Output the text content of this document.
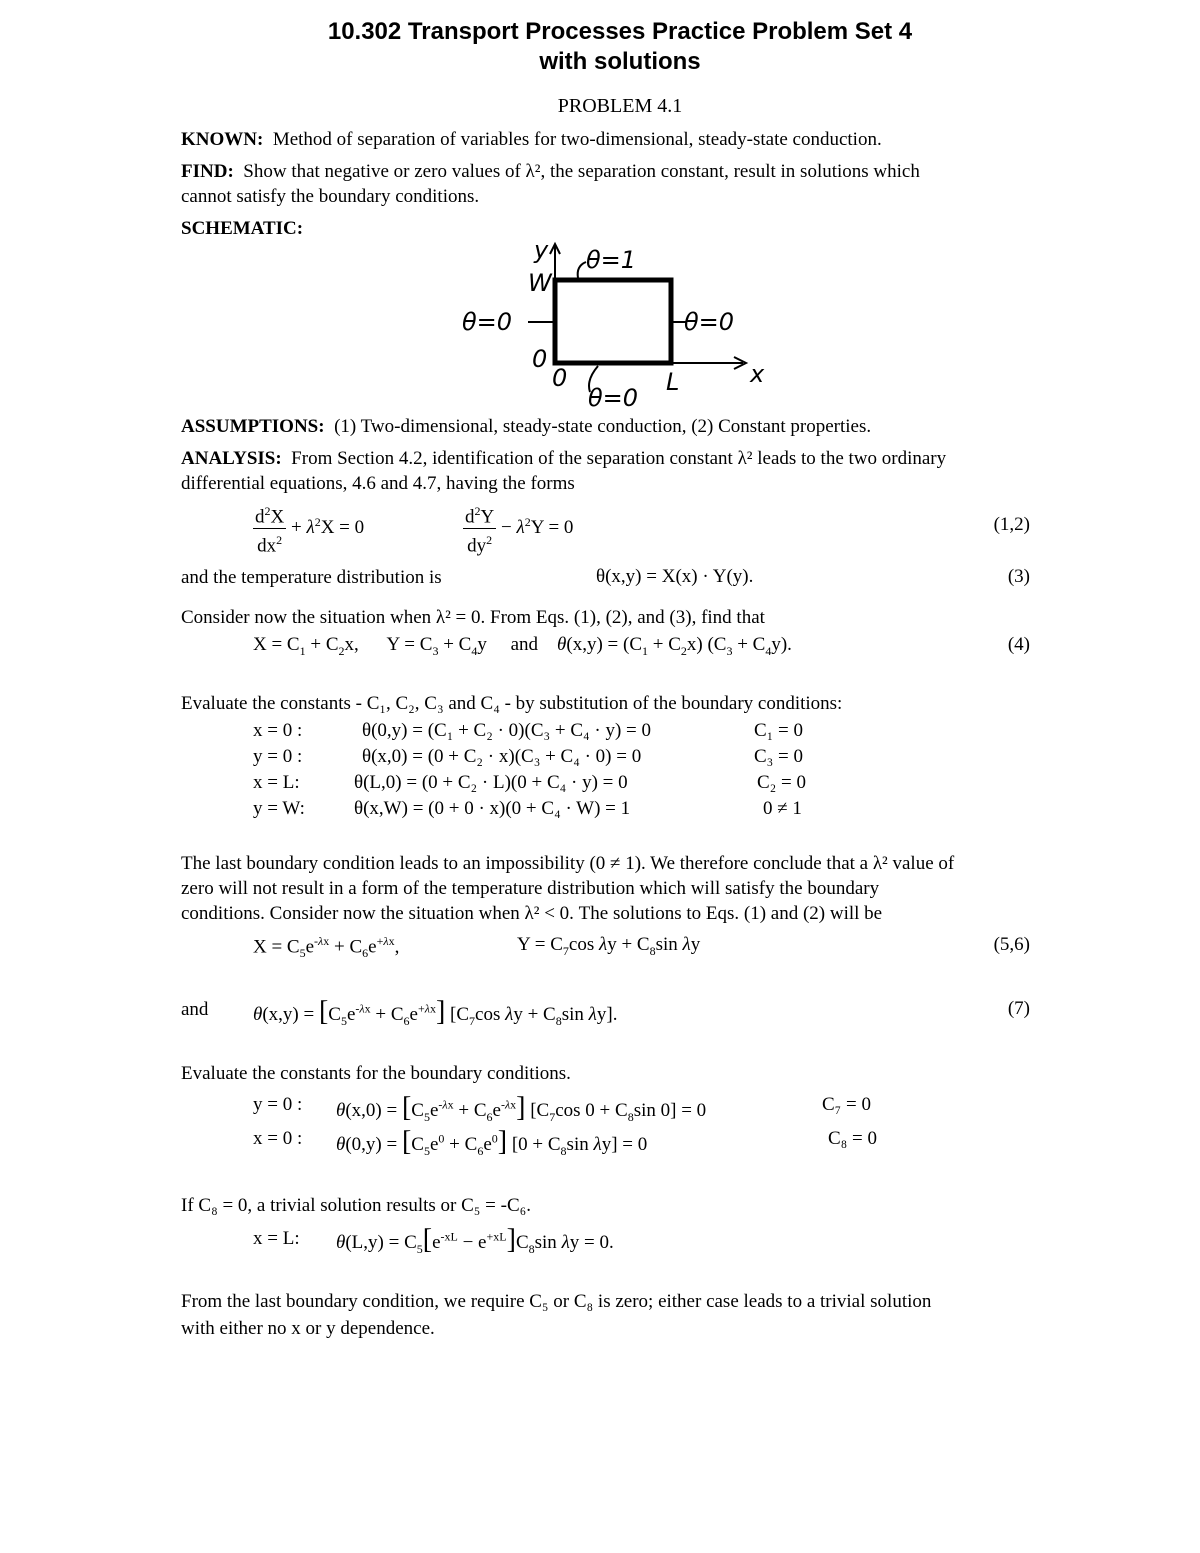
10.302 Transport Processes Practice Problem Set 4
with solutions
PROBLEM 4.1
KNOWN: Method of separation of variables for two-dimensional, steady-state conduction.
FIND: Show that negative or zero values of λ², the separation constant, result in solutions which
cannot satisfy the boundary conditions.
SCHEMATIC:
y
W
x
L
0
0
θ=1
θ=0	θ=0
θ=0
ASSUMPTIONS: (1) Two-dimensional, steady-state conduction, (2) Constant properties.
ANALYSIS: From Section 4.2, identification of the separation constant λ² leads to the two ordinary
differential equations, 4.6 and 4.7, having the forms
$\frac{d^2X}{dx^2} + \lambda^2X = 0$	$\frac{d^2Y}{dy^2} - \lambda^2Y = 0$	(1,2)
and the temperature distribution is	θ(x,y) = X(x) · Y(y).	(3)
Consider now the situation when λ² = 0. From Eqs. (1), (2), and (3), find that
$X = C_1 + C_2x$,      $Y = C_3 + C_4y$     and    $\theta(x,y) = (C_1 + C_2x) (C_3 + C_4y)$.	(4)
Evaluate the constants - C₁, C₂, C₃ and C₄ - by substitution of the boundary conditions:
x = 0 :	θ(0,y) = (C₁ + C₂ · 0)(C₃ + C₄ · y) = 0	C₁ = 0
y = 0 :	θ(x,0) = (0 + C₂ · x)(C₃ + C₄ · 0) = 0	C₃ = 0
x = L:	θ(L,0) = (0 + C₂ · L)(0 + C₄ · y) = 0	C₂ = 0
y = W:	θ(x,W) = (0 + 0 · x)(0 + C₄ · W) = 1	0 ≠ 1
The last boundary condition leads to an impossibility (0 ≠ 1). We therefore conclude that a λ² value of
zero will not result in a form of the temperature distribution which will satisfy the boundary
conditions. Consider now the situation when λ² < 0. The solutions to Eqs. (1) and (2) will be
$X = C_5e^{-\lambda x} + C_6e^{+\lambda x}$,	$Y = C_7\cos$ $\lambda y + C_8\sin$ λy	(5,6)
and $\theta(x,y) = [C_5e^{-\lambda x} + C_6e^{+\lambda x}]$ [$C_7\cos$ $\lambda y + C_8\sin$ λy].	(7)
Evaluate the constants for the boundary conditions.
y = 0 : $\theta(x,0) = [C_5e^{-\lambda x} + C_6e^{-\lambda x}]$ [$C_7\cos$ $0 + C_8\sin$ 0] = 0	C₇ = 0
x = 0 : $\theta(0,y) = [C_5e^0 + C_6e^0] [0 + C_8\sin$ λy] = 0	C₈ = 0
If C₈ = 0, a trivial solution results or C₅ = -C₆.
x = L: $\theta(L,y) = C_5[e^{-xL} - e^{+xL}]C_8\sin$ λy = 0.
From the last boundary condition, we require C₅ or C₈ is zero; either case leads to a trivial solution
with either no x or y dependence.
